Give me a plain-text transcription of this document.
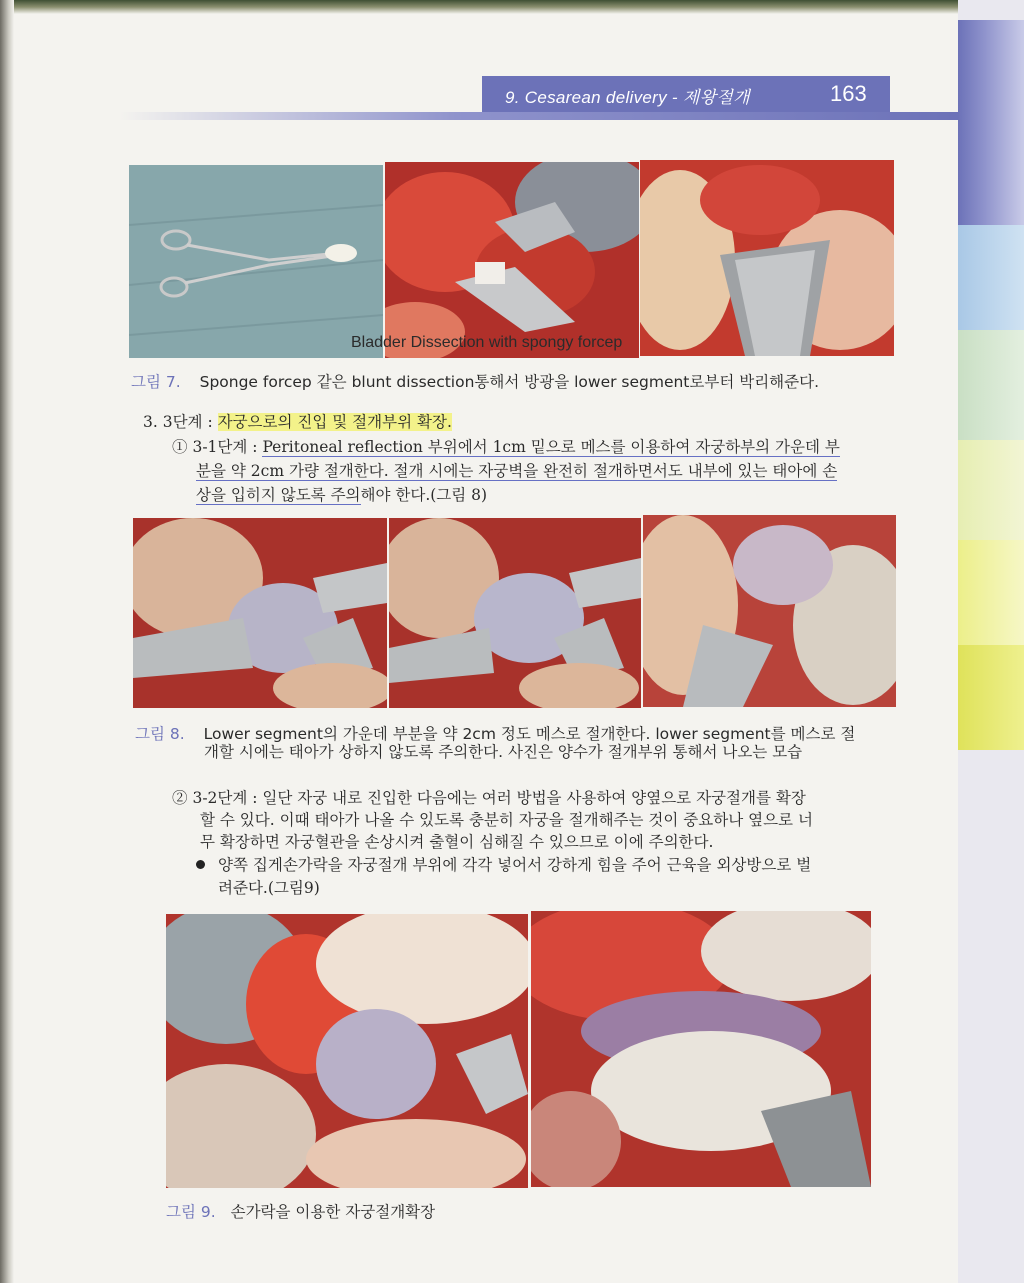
9. Cesarean delivery - 제왕절개	163
Bladder Dissection with spongy forcep
그림 7. Sponge forcep 같은 blunt dissection통해서 방광을 lower segment로부터 박리해준다.
3. 3단계 : 자궁으로의 진입 및 절개부위 확장.
① 3-1단계 : Peritoneal reflection 부위에서 1cm 밑으로 메스를 이용하여 자궁하부의 가운데 부
분을 약 2cm 가량 절개한다. 절개 시에는 자궁벽을 완전히 절개하면서도 내부에 있는 태아에 손
상을 입히지 않도록 주의해야 한다.(그림 8)
그림 8. Lower segment의 가운데 부분을 약 2cm 정도 메스로 절개한다. lower segment를 메스로 절
개할 시에는 태아가 상하지 않도록 주의한다. 사진은 양수가 절개부위 통해서 나오는 모습
② 3-2단계 : 일단 자궁 내로 진입한 다음에는 여러 방법을 사용하여 양옆으로 자궁절개를 확장
할 수 있다. 이때 태아가 나올 수 있도록 충분히 자궁을 절개해주는 것이 중요하나 옆으로 너
무 확장하면 자궁혈관을 손상시켜 출혈이 심해질 수 있으므로 이에 주의한다.
양쪽 집게손가락을 자궁절개 부위에 각각 넣어서 강하게 힘을 주어 근육을 외상방으로 벌
려준다.(그림9)
그림 9. 손가락을 이용한 자궁절개확장
